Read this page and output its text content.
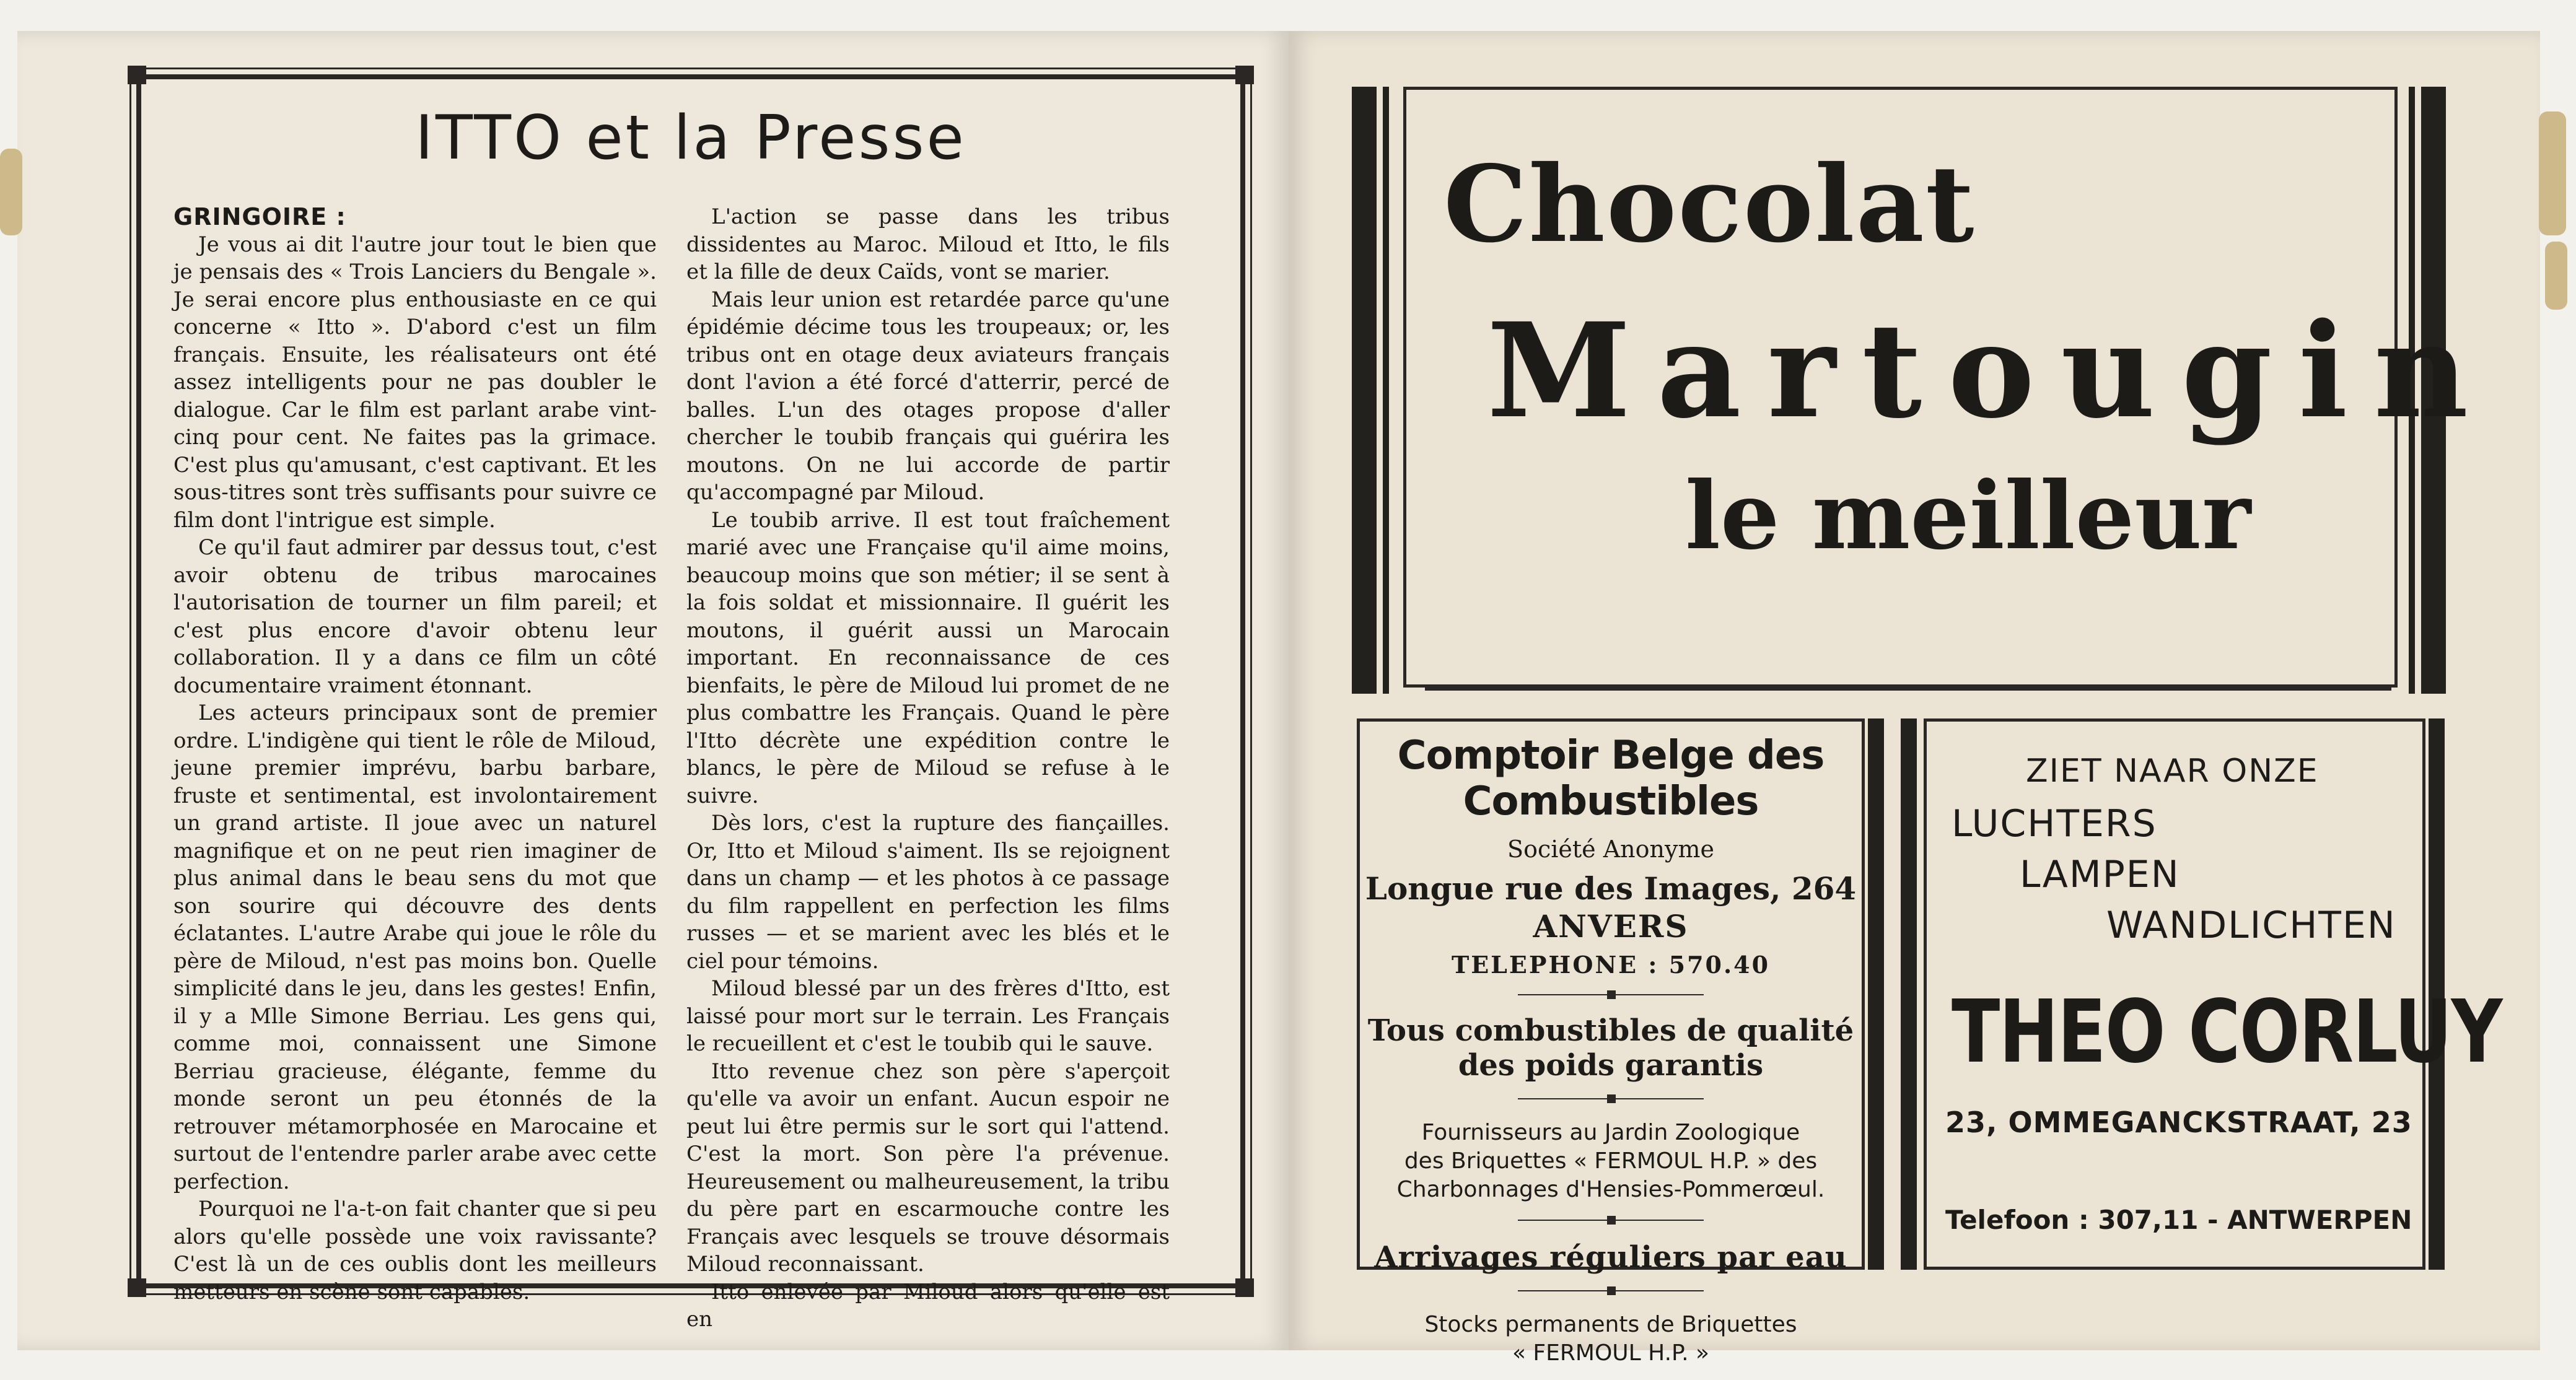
ITTO et la Presse
GRINGOIRE :

Je vous ai dit l'autre jour tout le bien que je pensais des « Trois Lanciers du Bengale ». Je serai encore plus enthousiaste en ce qui concerne « Itto ». D'abord c'est un film français. Ensuite, les réalisateurs ont été assez intelligents pour ne pas doubler le dialogue. Car le film est parlant arabe vint-cinq pour cent. Ne faites pas la grimace. C'est plus qu'amusant, c'est captivant. Et les sous-titres sont très suffisants pour suivre ce film dont l'intrigue est simple.

Ce qu'il faut admirer par dessus tout, c'est avoir obtenu de tribus marocaines l'autorisation de tourner un film pareil; et c'est plus encore d'avoir obtenu leur collaboration. Il y a dans ce film un côté documentaire vraiment étonnant.

Les acteurs principaux sont de premier ordre. L'indigène qui tient le rôle de Miloud, jeune premier imprévu, barbu barbare, fruste et sentimental, est involontairement un grand artiste. Il joue avec un naturel magnifique et on ne peut rien imaginer de plus animal dans le beau sens du mot que son sourire qui découvre des dents éclatantes. L'autre Arabe qui joue le rôle du père de Miloud, n'est pas moins bon. Quelle simplicité dans le jeu, dans les gestes! Enfin, il y a Mlle Simone Berriau. Les gens qui, comme moi, connaissent une Simone Berriau gracieuse, élégante, femme du monde seront un peu étonnés de la retrouver métamorphosée en Marocaine et surtout de l'entendre parler arabe avec cette perfection.

Pourquoi ne l'a-t-on fait chanter que si peu alors qu'elle possède une voix ravissante? C'est là un de ces oublis dont les meilleurs metteurs en scène sont capables.

L'action se passe dans les tribus dissidentes au Maroc. Miloud et Itto, le fils et la fille de deux Caïds, vont se marier.

Mais leur union est retardée parce qu'une épidémie décime tous les troupeaux; or, les tribus ont en otage deux aviateurs français dont l'avion a été forcé d'atterrir, percé de balles. L'un des otages propose d'aller chercher le toubib français qui guérira les moutons. On ne lui accorde de partir qu'accompagné par Miloud.

Le toubib arrive. Il est tout fraîchement marié avec une Française qu'il aime moins, beaucoup moins que son métier; il se sent à la fois soldat et missionnaire. Il guérit les moutons, il guérit aussi un Marocain important. En reconnaissance de ces bienfaits, le père de Miloud lui promet de ne plus combattre les Français. Quand le père l'Itto décrète une expédition contre le blancs, le père de Miloud se refuse à le suivre.

Dès lors, c'est la rupture des fiançailles. Or, Itto et Miloud s'aiment. Ils se rejoignent dans un champ — et les photos à ce passage du film rappellent en perfection les films russes — et se marient avec les blés et le ciel pour témoins.

Miloud blessé par un des frères d'Itto, est laissé pour mort sur le terrain. Les Français le recueillent et c'est le toubib qui le sauve.

Itto revenue chez son père s'aperçoit qu'elle va avoir un enfant. Aucun espoir ne peut lui être permis sur le sort qui l'attend. C'est la mort. Son père l'a prévenue. Heureusement ou malheureusement, la tribu du père part en escarmouche contre les Français avec lesquels se trouve désormais Miloud reconnaissant.

Itto enlevée par Miloud alors qu'elle est en

Chocolat
Martougin
le meilleur
Comptoir Belge des Combustibles
Société Anonyme
Longue rue des Images, 264
ANVERS
TELEPHONE : 570.40
Tous combustibles de qualité
des poids garantis
Fournisseurs au Jardin Zoologique
des Briquettes « FERMOUL H.P. » des
Charbonnages d'Hensies-Pommerœul.
Arrivages réguliers par eau
Stocks permanents de Briquettes
« FERMOUL H.P. »
ZIET NAAR ONZE
LUCHTERS
LAMPEN
WANDLICHTEN
THEO CORLUY
23, OMMEGANCKSTRAAT, 23
Telefoon : 307,11 - ANTWERPEN
